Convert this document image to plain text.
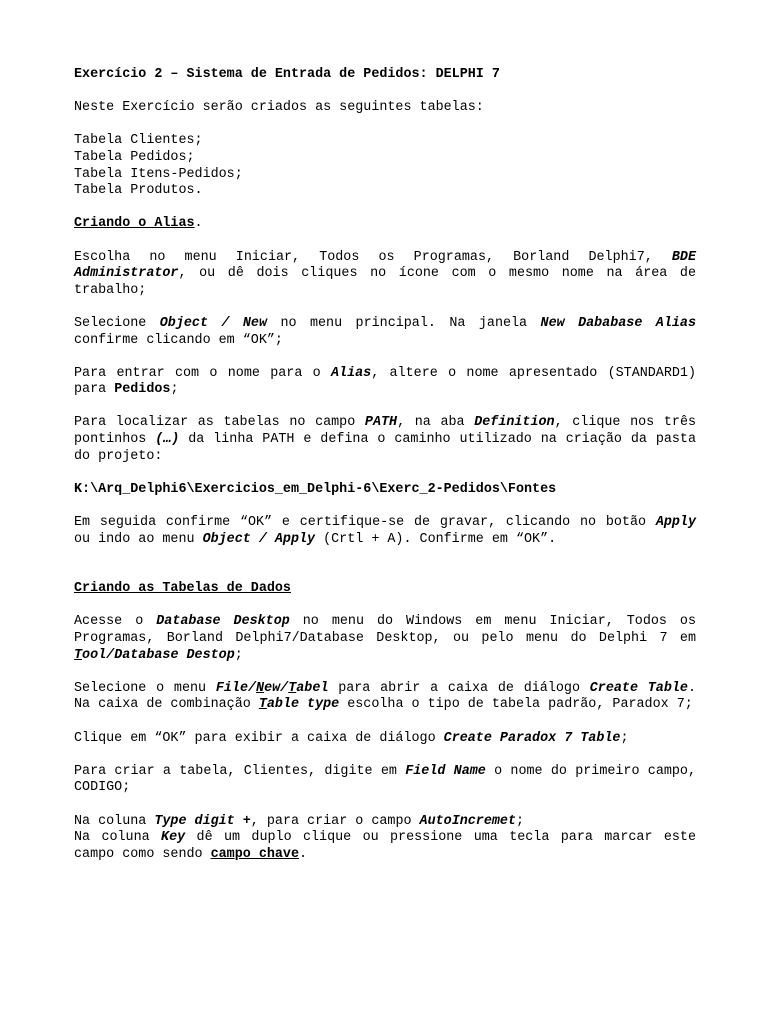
Exercício 2 – Sistema de Entrada de Pedidos: DELPHI 7

Neste Exercício serão criados as seguintes tabelas:

Tabela Clientes;

Tabela Pedidos;

Tabela Itens-Pedidos;

Tabela Produtos.

Criando o Alias.

Escolha no menu Iniciar, Todos os Programas, Borland Delphi7, BDE Administrator, ou dê dois cliques no ícone com o mesmo nome na área de trabalho;

Selecione Object / New no menu principal. Na janela New Dababase Alias confirme clicando em “OK”;

Para entrar com o nome para o Alias, altere o nome apresentado (STANDARD1) para Pedidos;

Para localizar as tabelas no campo PATH, na aba Definition, clique nos três pontinhos (…) da linha PATH e defina o caminho utilizado na criação da pasta do projeto:

K:\Arq_Delphi6\Exercicios_em_Delphi-6\Exerc_2-Pedidos\Fontes

Em seguida confirme “OK” e certifique-se de gravar, clicando no botão Apply ou indo ao menu Object / Apply (Crtl + A). Confirme em “OK”.

Criando as Tabelas de Dados

Acesse o Database Desktop no menu do Windows em menu Iniciar, Todos os Programas, Borland Delphi7/Database Desktop, ou pelo menu do Delphi 7 em Tool/Database Destop;

Selecione o menu File/New/Tabel para abrir a caixa de diálogo Create Table. Na caixa de combinação Table type escolha o tipo de tabela padrão, Paradox 7;

Clique em “OK” para exibir a caixa de diálogo Create Paradox 7 Table;

Para criar a tabela, Clientes, digite em Field Name o nome do primeiro campo, CODIGO;

Na coluna Type digit +, para criar o campo AutoIncremet;

Na coluna Key dê um duplo clique ou pressione uma tecla para marcar este campo como sendo campo chave.
